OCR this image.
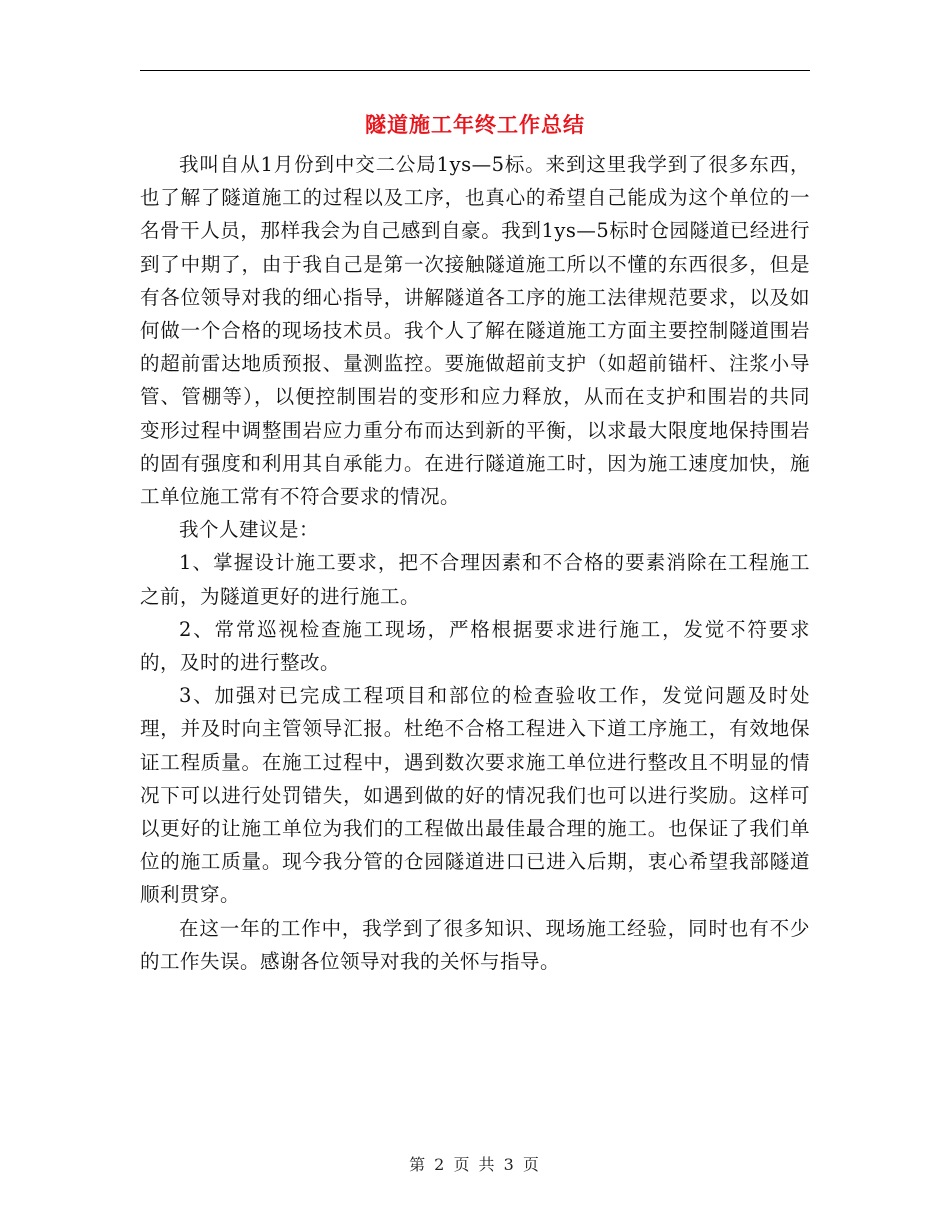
隧道施工年终工作总结

我叫自从1月份到中交二公局1ys—5标。来到这里我学到了很多东西，也了解了隧道施工的过程以及工序，也真心的希望自己能成为这个单位的一名骨干人员，那样我会为自己感到自豪。我到1ys—5标时仓园隧道已经进行到了中期了，由于我自己是第一次接触隧道施工所以不懂的东西很多，但是有各位领导对我的细心指导，讲解隧道各工序的施工法律规范要求，以及如何做一个合格的现场技术员。我个人了解在隧道施工方面主要控制隧道围岩的超前雷达地质预报、量测监控。要施做超前支护（如超前锚杆、注浆小导管、管棚等），以便控制围岩的变形和应力释放，从而在支护和围岩的共同变形过程中调整围岩应力重分布而达到新的平衡，以求最大限度地保持围岩的固有强度和利用其自承能力。在进行隧道施工时，因为施工速度加快，施工单位施工常有不符合要求的情况。

我个人建议是：

1、掌握设计施工要求，把不合理因素和不合格的要素消除在工程施工之前，为隧道更好的进行施工。

2、常常巡视检查施工现场，严格根据要求进行施工，发觉不符要求的，及时的进行整改。

3、加强对已完成工程项目和部位的检查验收工作，发觉问题及时处理，并及时向主管领导汇报。杜绝不合格工程进入下道工序施工，有效地保证工程质量。在施工过程中，遇到数次要求施工单位进行整改且不明显的情况下可以进行处罚错失，如遇到做的好的情况我们也可以进行奖励。这样可以更好的让施工单位为我们的工程做出最佳最合理的施工。也保证了我们单位的施工质量。现今我分管的仓园隧道进口已进入后期，衷心希望我部隧道顺利贯穿。

在这一年的工作中，我学到了很多知识、现场施工经验，同时也有不少的工作失误。感谢各位领导对我的关怀与指导。

第 2 页 共 3 页
